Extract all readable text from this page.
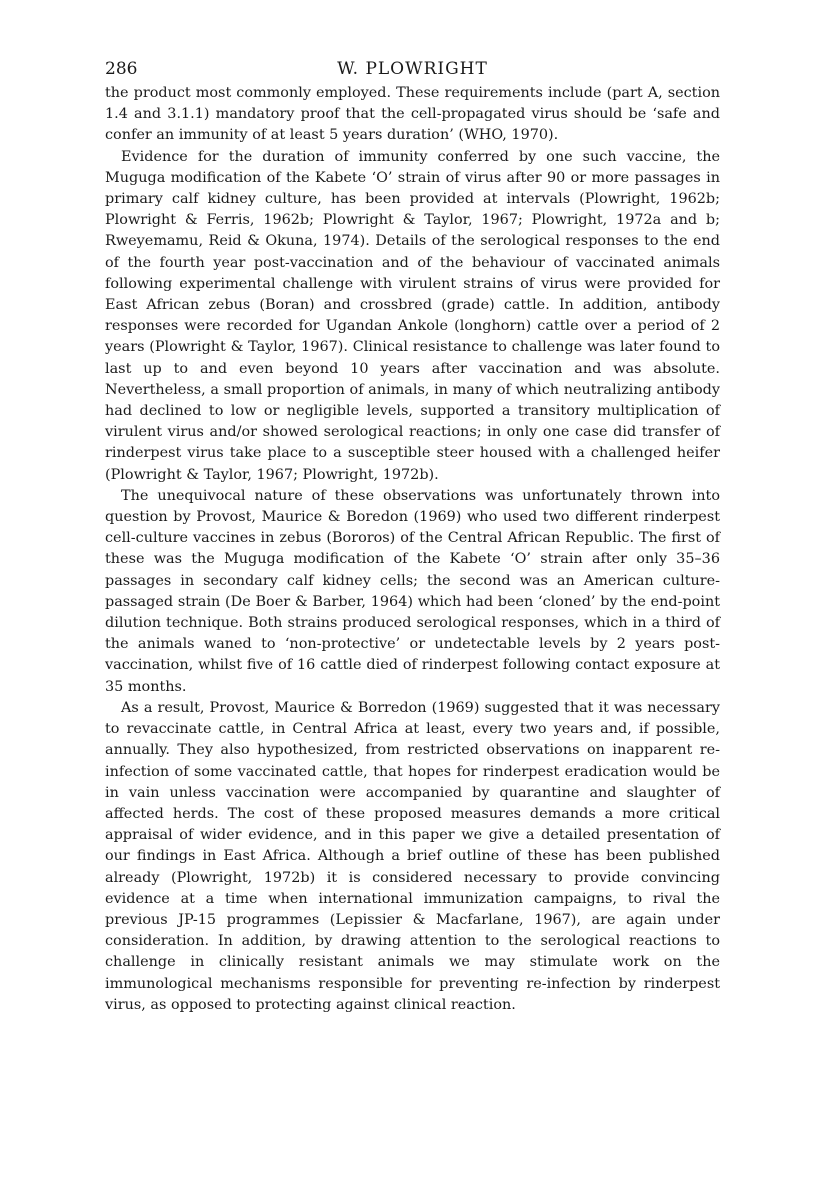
286	W. PLOWRIGHT

the product most commonly employed. These requirements include (part A, section 1.4 and 3.1.1) mandatory proof that the cell-propagated virus should be ‘safe and confer an immunity of at least 5 years duration’ (WHO, 1970).

Evidence for the duration of immunity conferred by one such vaccine, the Muguga modification of the Kabete ‘O’ strain of virus after 90 or more passages in primary calf kidney culture, has been provided at intervals (Plowright, 1962b; Plowright & Ferris, 1962b; Plowright & Taylor, 1967; Plowright, 1972a and b; Rweyemamu, Reid & Okuna, 1974). Details of the serological responses to the end of the fourth year post-vaccination and of the behaviour of vaccinated animals following experimental challenge with virulent strains of virus were provided for East African zebus (Boran) and crossbred (grade) cattle. In addition, antibody responses were recorded for Ugandan Ankole (longhorn) cattle over a period of 2 years (Plowright & Taylor, 1967). Clinical resistance to challenge was later found to last up to and even beyond 10 years after vaccination and was absolute. Nevertheless, a small proportion of animals, in many of which neutralizing antibody had declined to low or negligible levels, supported a transitory multiplication of virulent virus and/or showed serological reactions; in only one case did transfer of rinderpest virus take place to a susceptible steer housed with a challenged heifer (Plowright & Taylor, 1967; Plowright, 1972b).

The unequivocal nature of these observations was unfortunately thrown into question by Provost, Maurice & Boredon (1969) who used two different rinderpest cell-culture vaccines in zebus (Bororos) of the Central African Republic. The first of these was the Muguga modification of the Kabete ‘O’ strain after only 35–36 passages in secondary calf kidney cells; the second was an American culture-passaged strain (De Boer & Barber, 1964) which had been ‘cloned’ by the end-point dilution technique. Both strains produced serological responses, which in a third of the animals waned to ‘non-protective’ or undetectable levels by 2 years post-vaccination, whilst five of 16 cattle died of rinderpest following contact exposure at 35 months.

As a result, Provost, Maurice & Borredon (1969) suggested that it was necessary to revaccinate cattle, in Central Africa at least, every two years and, if possible, annually. They also hypothesized, from restricted observations on inapparent re-infection of some vaccinated cattle, that hopes for rinderpest eradication would be in vain unless vaccination were accompanied by quarantine and slaughter of affected herds. The cost of these proposed measures demands a more critical appraisal of wider evidence, and in this paper we give a detailed presentation of our findings in East Africa. Although a brief outline of these has been published already (Plowright, 1972b) it is considered necessary to provide convincing evidence at a time when international immunization campaigns, to rival the previous JP-15 programmes (Lepissier & Macfarlane, 1967), are again under consideration. In addition, by drawing attention to the serological reactions to challenge in clinically resistant animals we may stimulate work on the immunological mechanisms responsible for preventing re-infection by rinderpest virus, as opposed to protecting against clinical reaction.
